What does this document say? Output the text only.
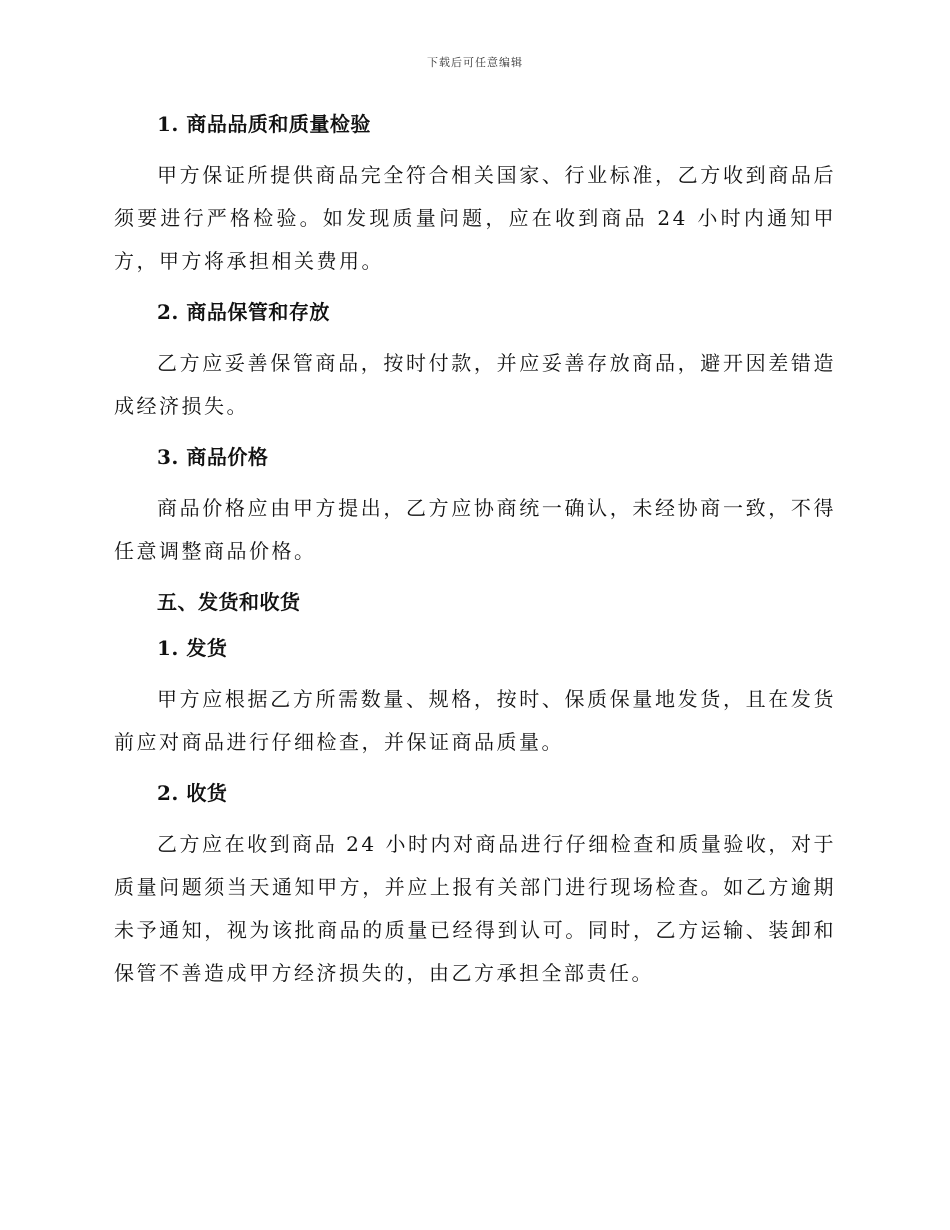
下载后可任意编辑
1. 商品品质和质量检验
甲方保证所提供商品完全符合相关国家、行业标准，乙方收到商品后须要进行严格检验。如发现质量问题，应在收到商品 24 小时内通知甲方，甲方将承担相关费用。
2. 商品保管和存放
乙方应妥善保管商品，按时付款，并应妥善存放商品，避开因差错造成经济损失。
3. 商品价格
商品价格应由甲方提出，乙方应协商统一确认，未经协商一致，不得任意调整商品价格。
五、发货和收货
1. 发货
甲方应根据乙方所需数量、规格，按时、保质保量地发货，且在发货前应对商品进行仔细检查，并保证商品质量。
2. 收货
乙方应在收到商品 24 小时内对商品进行仔细检查和质量验收，对于质量问题须当天通知甲方，并应上报有关部门进行现场检查。如乙方逾期未予通知，视为该批商品的质量已经得到认可。同时，乙方运输、装卸和保管不善造成甲方经济损失的，由乙方承担全部责任。
